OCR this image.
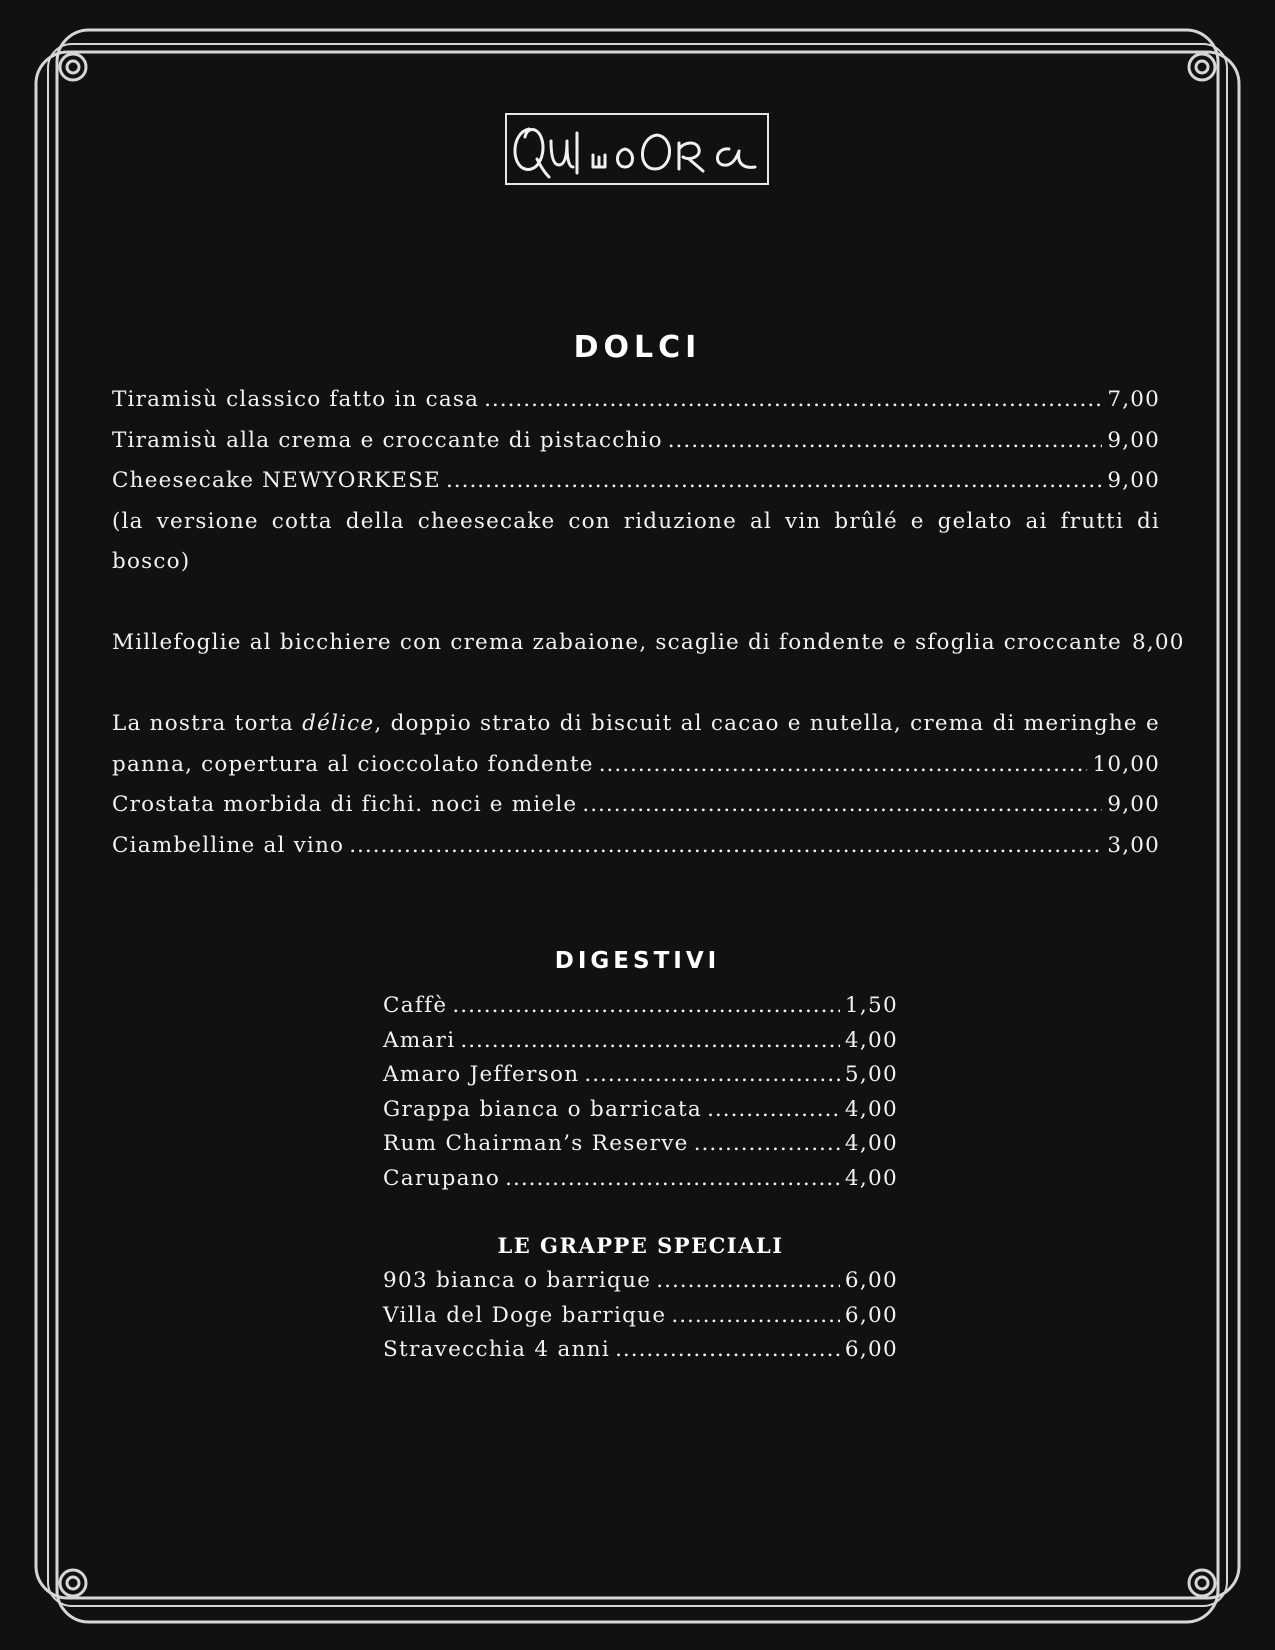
DOLCI
Tiramisù classico fatto in casa .....	7,00
Tiramisù alla crema e croccante di pistacchio .....	9,00
Cheesecake NEWYORKESE .....	9,00
(la versione cotta della cheesecake con riduzione al vin brûlé e gelato ai frutti di bosco)
Millefoglie al bicchiere con crema zabaione, scaglie di fondente e sfoglia croccante 8,00
La nostra torta délice, doppio strato di biscuit al cacao e nutella, crema di meringhe e
panna, copertura al cioccolato fondente .....	10,00
Crostata morbida di fichi. noci e miele .....	9,00
Ciambelline al vino .....	3,00
DIGESTIVI
Caffè .....	1,50
Amari .....	4,00
Amaro Jefferson .....	5,00
Grappa bianca o barricata .....	4,00
Rum Chairman’s Reserve .....	4,00
Carupano .....	4,00
LE GRAPPE SPECIALI
903 bianca o barrique .....	6,00
Villa del Doge barrique .....	6,00
Stravecchia 4 anni .....	6,00
